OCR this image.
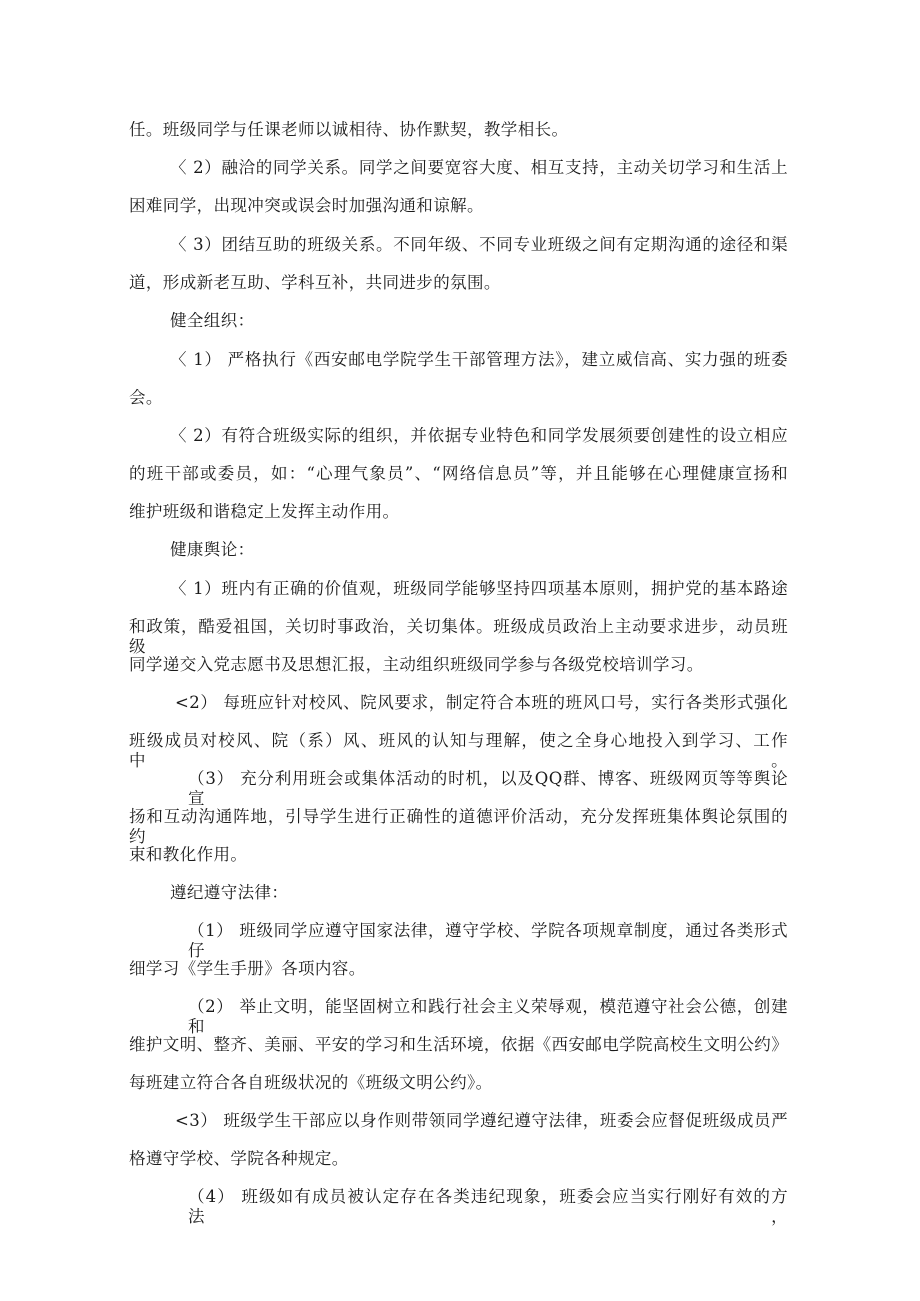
任。班级同学与任课老师以诚相待、协作默契，教学相长。
〈 2）融洽的同学关系。同学之间要宽容大度、相互支持，主动关切学习和生活上
困难同学，出现冲突或误会时加强沟通和谅解。
〈 3）团结互助的班级关系。不同年级、不同专业班级之间有定期沟通的途径和渠
道，形成新老互助、学科互补，共同进步的氛围。
健全组织：
〈 1） 严格执行《西安邮电学院学生干部管理方法》，建立威信高、实力强的班委
会。
〈 2）有符合班级实际的组织，并依据专业特色和同学发展须要创建性的设立相应
的班干部或委员，如：“心理气象员”、“网络信息员”等，并且能够在心理健康宣扬和
维护班级和谐稳定上发挥主动作用。
健康舆论：
〈 1）班内有正确的价值观，班级同学能够坚持四项基本原则，拥护党的基本路途
和政策，酷爱祖国，关切时事政治，关切集体。班级成员政治上主动要求进步，动员班级
同学递交入党志愿书及思想汇报，主动组织班级同学参与各级党校培训学习。
<2） 每班应针对校风、院风要求，制定符合本班的班风口号，实行各类形式强化
班级成员对校风、院（系）风、班风的认知与理解，使之全身心地投入到学习、工作中。
（3） 充分利用班会或集体活动的时机，以及QQ群、博客、班级网页等等舆论宣
扬和互动沟通阵地，引导学生进行正确性的道德评价活动，充分发挥班集体舆论氛围的约
束和教化作用。
遵纪遵守法律：
（1） 班级同学应遵守国家法律，遵守学校、学院各项规章制度，通过各类形式仔
细学习《学生手册》各项内容。
（2） 举止文明，能坚固树立和践行社会主义荣辱观，模范遵守社会公德，创建和
维护文明、整齐、美丽、平安的学习和生活环境，依据《西安邮电学院高校生文明公约》
每班建立符合各自班级状况的《班级文明公约》。
<3） 班级学生干部应以身作则带领同学遵纪遵守法律，班委会应督促班级成员严
格遵守学校、学院各种规定。
（4） 班级如有成员被认定存在各类违纪现象，班委会应当实行刚好有效的方法，
